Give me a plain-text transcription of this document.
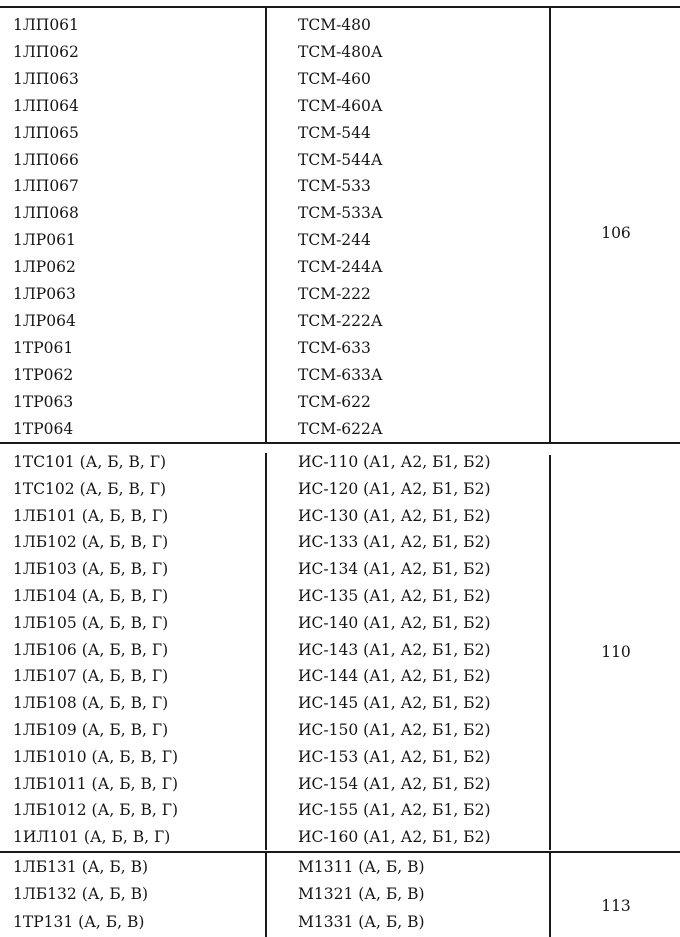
1ЛП061	ТСМ-480
1ЛП062	ТСМ-480А
1ЛП063	ТСМ-460
1ЛП064	ТСМ-460А
1ЛП065	ТСМ-544
1ЛП066	ТСМ-544А
1ЛП067	ТСМ-533
1ЛП068	ТСМ-533А
1ЛР061	ТСМ-244
1ЛР062	ТСМ-244А
1ЛР063	ТСМ-222
1ЛР064	ТСМ-222А
1ТР061	ТСМ-633
1ТР062	ТСМ-633А
1ТР063	ТСМ-622
1ТР064	ТСМ-622А
106
1ТС101 (А, Б, В, Г)	ИС-110 (А1, А2, Б1, Б2)
1ТС102 (А, Б, В, Г)	ИС-120 (А1, А2, Б1, Б2)
1ЛБ101 (А, Б, В, Г)	ИС-130 (А1, А2, Б1, Б2)
1ЛБ102 (А, Б, В, Г)	ИС-133 (А1, А2, Б1, Б2)
1ЛБ103 (А, Б, В, Г)	ИС-134 (А1, А2, Б1, Б2)
1ЛБ104 (А, Б, В, Г)	ИС-135 (А1, А2, Б1, Б2)
1ЛБ105 (А, Б, В, Г)	ИС-140 (А1, А2, Б1, Б2)
1ЛБ106 (А, Б, В, Г)	ИС-143 (А1, А2, Б1, Б2)
1ЛБ107 (А, Б, В, Г)	ИС-144 (А1, А2, Б1, Б2)
1ЛБ108 (А, Б, В, Г)	ИС-145 (А1, А2, Б1, Б2)
1ЛБ109 (А, Б, В, Г)	ИС-150 (А1, А2, Б1, Б2)
1ЛБ1010 (А, Б, В, Г)	ИС-153 (А1, А2, Б1, Б2)
1ЛБ1011 (А, Б, В, Г)	ИС-154 (А1, А2, Б1, Б2)
1ЛБ1012 (А, Б, В, Г)	ИС-155 (А1, А2, Б1, Б2)
1ИЛ101 (А, Б, В, Г)	ИС-160 (А1, А2, Б1, Б2)
110
1ЛБ131 (А, Б, В)	М1311 (А, Б, В)
1ЛБ132 (А, Б, В)	М1321 (А, Б, В)
1ТР131 (А, Б, В)	М1331 (А, Б, В)
113
